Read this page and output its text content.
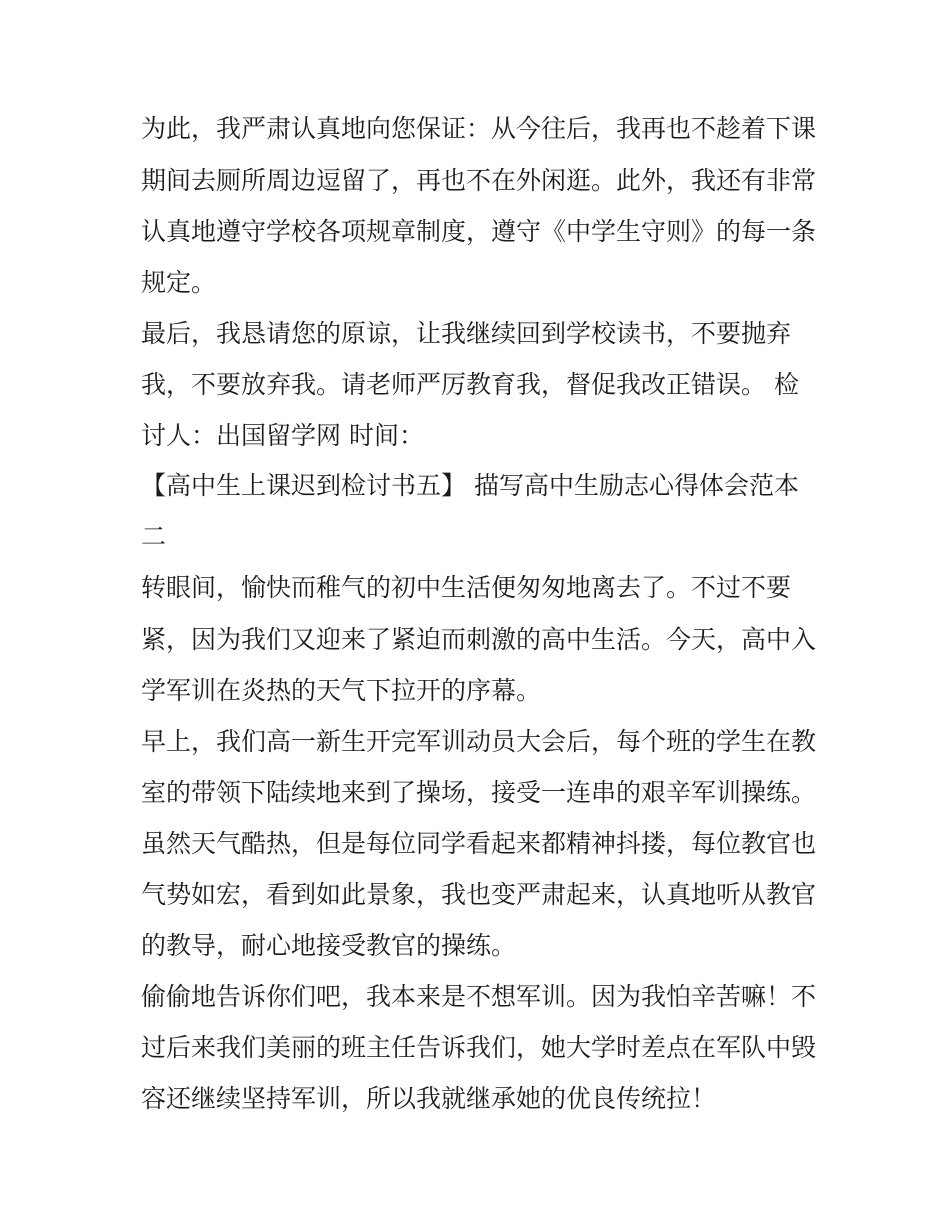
为此，我严肃认真地向您保证：从今往后，我再也不趁着下课

期间去厕所周边逗留了，再也不在外闲逛。此外，我还有非常

认真地遵守学校各项规章制度，遵守《中学生守则》的每一条

规定。

最后，我恳请您的原谅，让我继续回到学校读书，不要抛弃

我，不要放弃我。请老师严厉教育我，督促我改正错误。 检

讨人：出国留学网 时间：

【高中生上课迟到检讨书五】 描写高中生励志心得体会范本

二

转眼间，愉快而稚气的初中生活便匆匆地离去了。不过不要

紧，因为我们又迎来了紧迫而刺激的高中生活。今天，高中入

学军训在炎热的天气下拉开的序幕。

早上，我们高一新生开完军训动员大会后，每个班的学生在教

室的带领下陆续地来到了操场，接受一连串的艰辛军训操练。

虽然天气酷热，但是每位同学看起来都精神抖搂，每位教官也

气势如宏，看到如此景象，我也变严肃起来，认真地听从教官

的教导，耐心地接受教官的操练。

偷偷地告诉你们吧，我本来是不想军训。因为我怕辛苦嘛！不

过后来我们美丽的班主任告诉我们，她大学时差点在军队中毁

容还继续坚持军训，所以我就继承她的优良传统拉！
